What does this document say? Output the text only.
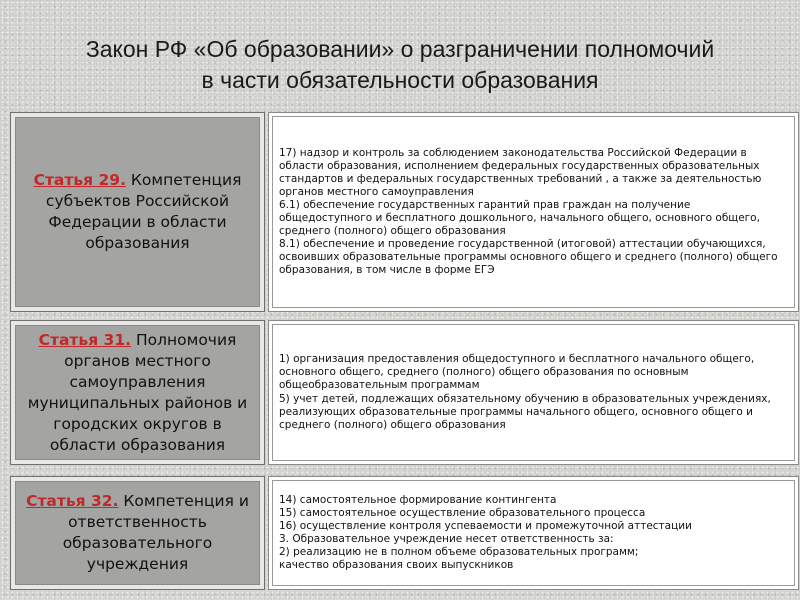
Закон РФ «Об образовании» о разграничении полномочий
в части обязательности образования
Статья 29. Компетенция субъектов Российской Федерации в области образования

17) надзор и контроль за соблюдением законодательства Российской Федерации в области образования, исполнением федеральных государственных образовательных стандартов и федеральных государственных требований , а также за деятельностью органов местного самоуправления

6.1) обеспечение государственных гарантий прав граждан на получение общедоступного и бесплатного дошкольного, начального общего, основного общего, среднего (полного) общего образования

8.1) обеспечение и проведение государственной (итоговой) аттестации обучающихся, освоивших образовательные программы основного общего и среднего (полного) общего образования, в том числе в форме ЕГЭ

Статья 31. Полномочия органов местного самоуправления муниципальных районов и городских округов в области образования

1) организация предоставления общедоступного и бесплатного начального общего, основного общего, среднего (полного) общего образования по основным общеобразовательным программам

5) учет детей, подлежащих обязательному обучению в образовательных учреждениях, реализующих образовательные программы начального общего, основного общего и среднего (полного) общего образования

Статья 32. Компетенция и ответственность образовательного учреждения

14) самостоятельное формирование контингента

15) самостоятельное осуществление образовательного процесса

16) осуществление контроля успеваемости и промежуточной аттестации

3. Образовательное учреждение несет ответственность за:

2) реализацию не в полном объеме образовательных программ;

качество образования своих выпускников
